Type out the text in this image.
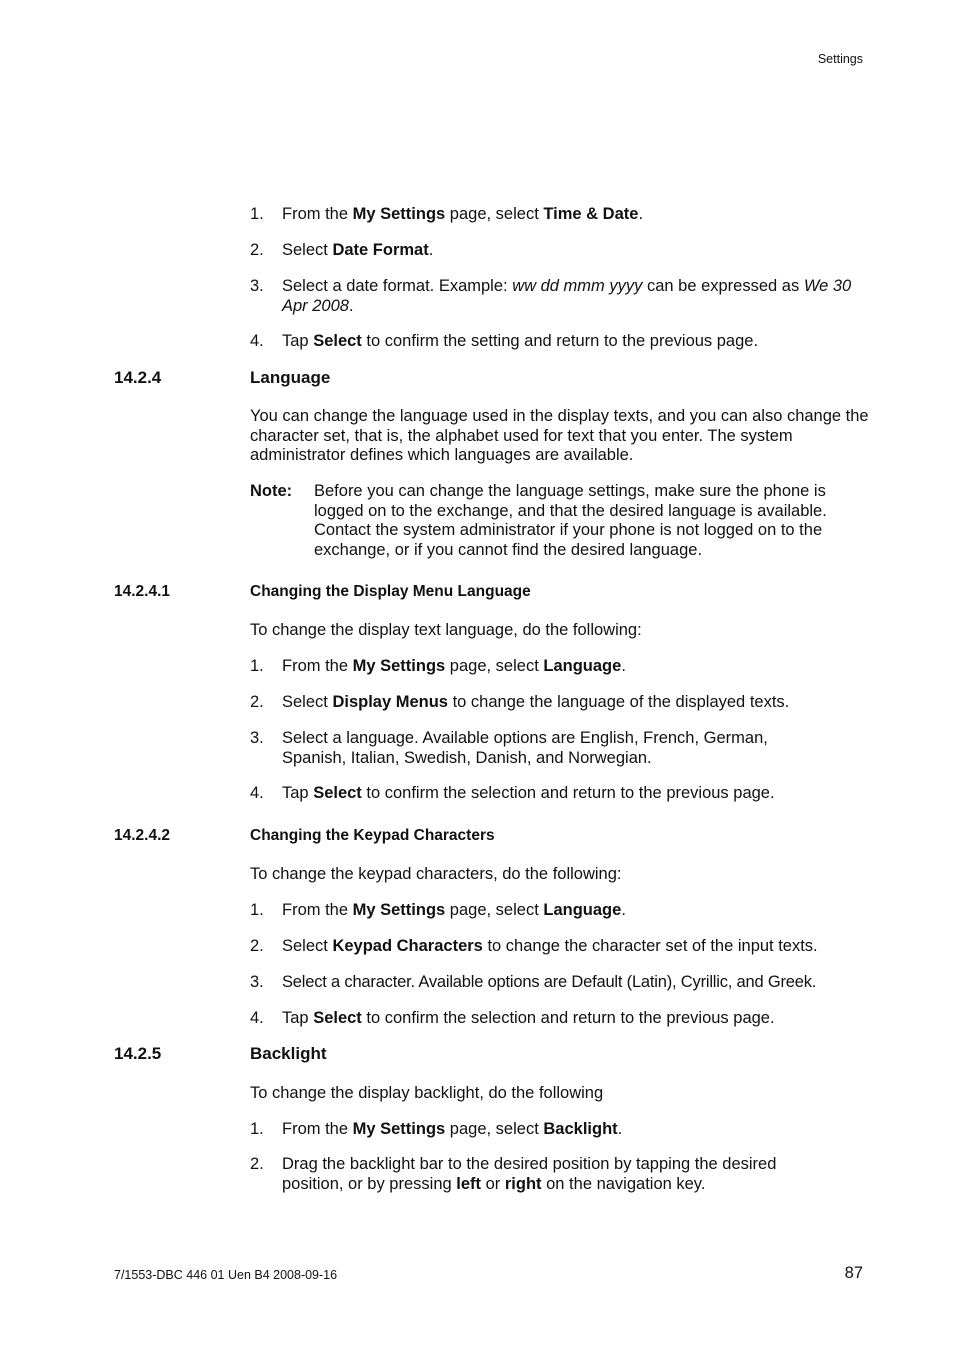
Settings
1.	From the My Settings page, select Time & Date.
2.	Select Date Format.
3.	Select a date format. Example: ww dd mmm yyyy can be expressed as We 30 Apr 2008.
4.	Tap Select to confirm the setting and return to the previous page.
14.2.4	Language
You can change the language used in the display texts, and you can also change the character set, that is, the alphabet used for text that you enter. The system administrator defines which languages are available.
Note: Before you can change the language settings, make sure the phone is logged on to the exchange, and that the desired language is available. Contact the system administrator if your phone is not logged on to the exchange, or if you cannot find the desired language.
14.2.4.1	Changing the Display Menu Language
To change the display text language, do the following:
1.	From the My Settings page, select Language.
2.	Select Display Menus to change the language of the displayed texts.
3.	Select a language. Available options are English, French, German, Spanish, Italian, Swedish, Danish, and Norwegian.
4.	Tap Select to confirm the selection and return to the previous page.
14.2.4.2	Changing the Keypad Characters
To change the keypad characters, do the following:
1.	From the My Settings page, select Language.
2.	Select Keypad Characters to change the character set of the input texts.
3.	Select a character. Available options are Default (Latin), Cyrillic, and Greek.
4.	Tap Select to confirm the selection and return to the previous page.
14.2.5	Backlight
To change the display backlight, do the following
1.	From the My Settings page, select Backlight.
2.	Drag the backlight bar to the desired position by tapping the desired position, or by pressing left or right on the navigation key.
7/1553-DBC 446 01 Uen B4 2008-09-16	87
